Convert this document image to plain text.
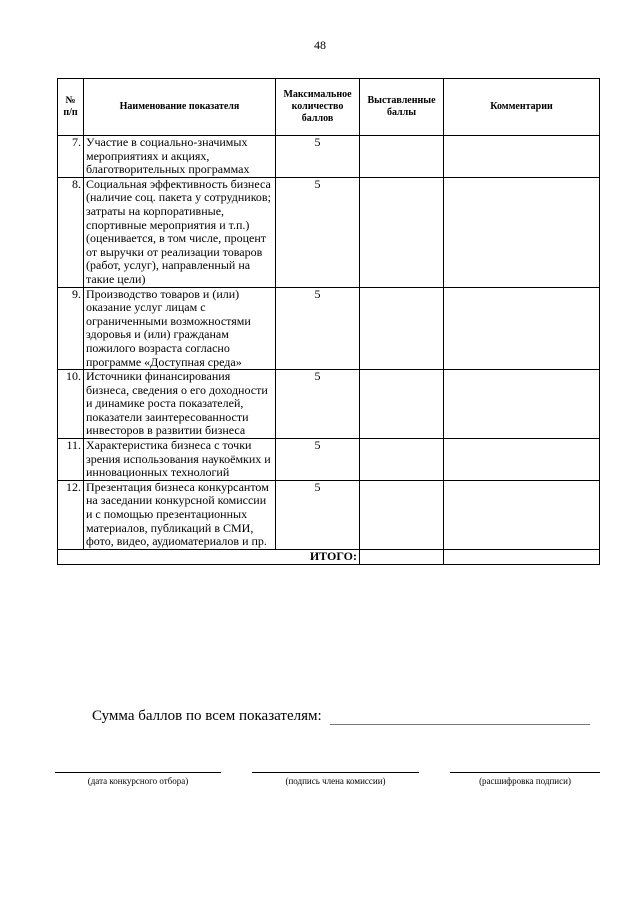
48
№ п/п	Наименование показателя	Максимальное количество баллов	Выставленные баллы	Комментарии
7.	Участие в социально-значимых мероприятиях и акциях, благотворительных программах	5		
8.	Социальная эффективность бизнеса (наличие соц. пакета у сотрудников; затраты на корпоративные, спортивные мероприятия и т.п.) (оценивается, в том числе, процент от выручки от реализации товаров (работ, услуг), направленный на такие цели)	5		
9.	Производство товаров и (или) оказание услуг лицам с ограниченными возможностями здоровья и (или) гражданам пожилого возраста согласно программе «Доступная среда»	5		
10.	Источники финансирования бизнеса, сведения о его доходности и динамике роста показателей, показатели заинтересованности инвесторов в развитии бизнеса	5		
11.	Характеристика бизнеса с точки зрения использования наукоёмких и инновационных технологий	5		
12.	Презентация бизнеса конкурсантом на заседании конкурсной комиссии и с помощью презентационных материалов, публикаций в СМИ, фото, видео, аудиоматериалов и пр.	5		
ИТОГО:				
Сумма баллов по всем показателям:
(дата конкурсного отбора)	(подпись члена комиссии)	(расшифровка подписи)
